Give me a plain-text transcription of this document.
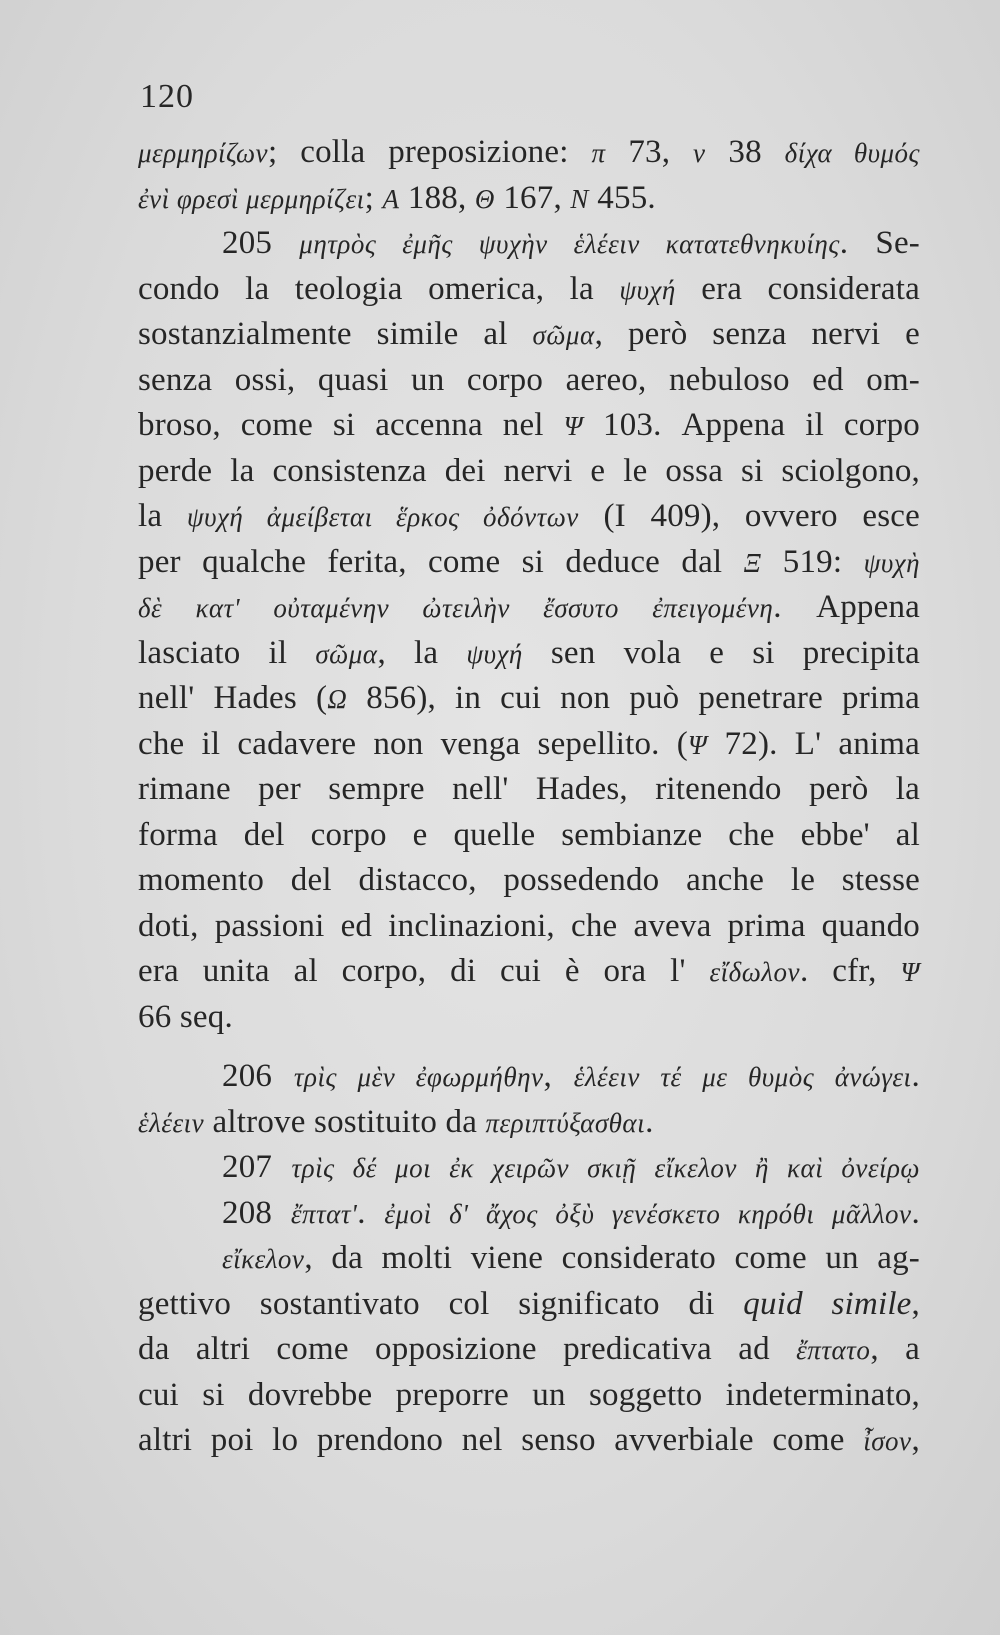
120
μερμηρίζων; colla preposizione: π 73, ν 38 δίχα θυμός
ἐνὶ φρεσὶ μερμηρίζει; Α 188, Θ 167, Ν 455.
205 μητρὸς ἐμῆς ψυχὴν ἑλέειν κατατεθνηκυίης. Se-
condo la teologia omerica, la ψυχή era considerata
sostanzialmente simile al σῶμα, però senza nervi e
senza ossi, quasi un corpo aereo, nebuloso ed om-
broso, come si accenna nel Ψ 103. Appena il corpo
perde la consistenza dei nervi e le ossa si sciolgono,
la ψυχή ἀμείβεται ἕρκος ὀδόντων (I 409), ovvero esce
per qualche ferita, come si deduce dal Ξ 519: ψυχὴ
δὲ κατ' οὐταμένην ὠτειλὴν ἔσσυτο ἐπειγομένη. Appena
lasciato il σῶμα, la ψυχή sen vola e si precipita
nell' Hades (Ω 856), in cui non può penetrare prima
che il cadavere non venga sepellito. (Ψ 72). L' anima
rimane per sempre nell' Hades, ritenendo però la
forma del corpo e quelle sembianze che ebbe' al
momento del distacco, possedendo anche le stesse
doti, passioni ed inclinazioni, che aveva prima quando
era unita al corpo, di cui è ora l' εἴδωλον. cfr, Ψ
66 seq.
206 τρὶς μὲν ἐφωρμήθην, ἑλέειν τέ με θυμὸς ἀνώγει.
ἑλέειν altrove sostituito da περιπτύξασθαι.
207 τρὶς δέ μοι ἐκ χειρῶν σκιῇ εἴκελον ἢ καὶ ὀνείρῳ
208 ἔπτατ'. ἐμοὶ δ' ἄχος ὀξὺ γενέσκετο κηρόθι μᾶλλον.
εἴκελον, da molti viene considerato come un ag-
gettivo sostantivato col significato di quid simile,
da altri come opposizione predicativa ad ἔπτατο, a
cui si dovrebbe preporre un soggetto indeterminato,
altri poi lo prendono nel senso avverbiale come ἶσον,
